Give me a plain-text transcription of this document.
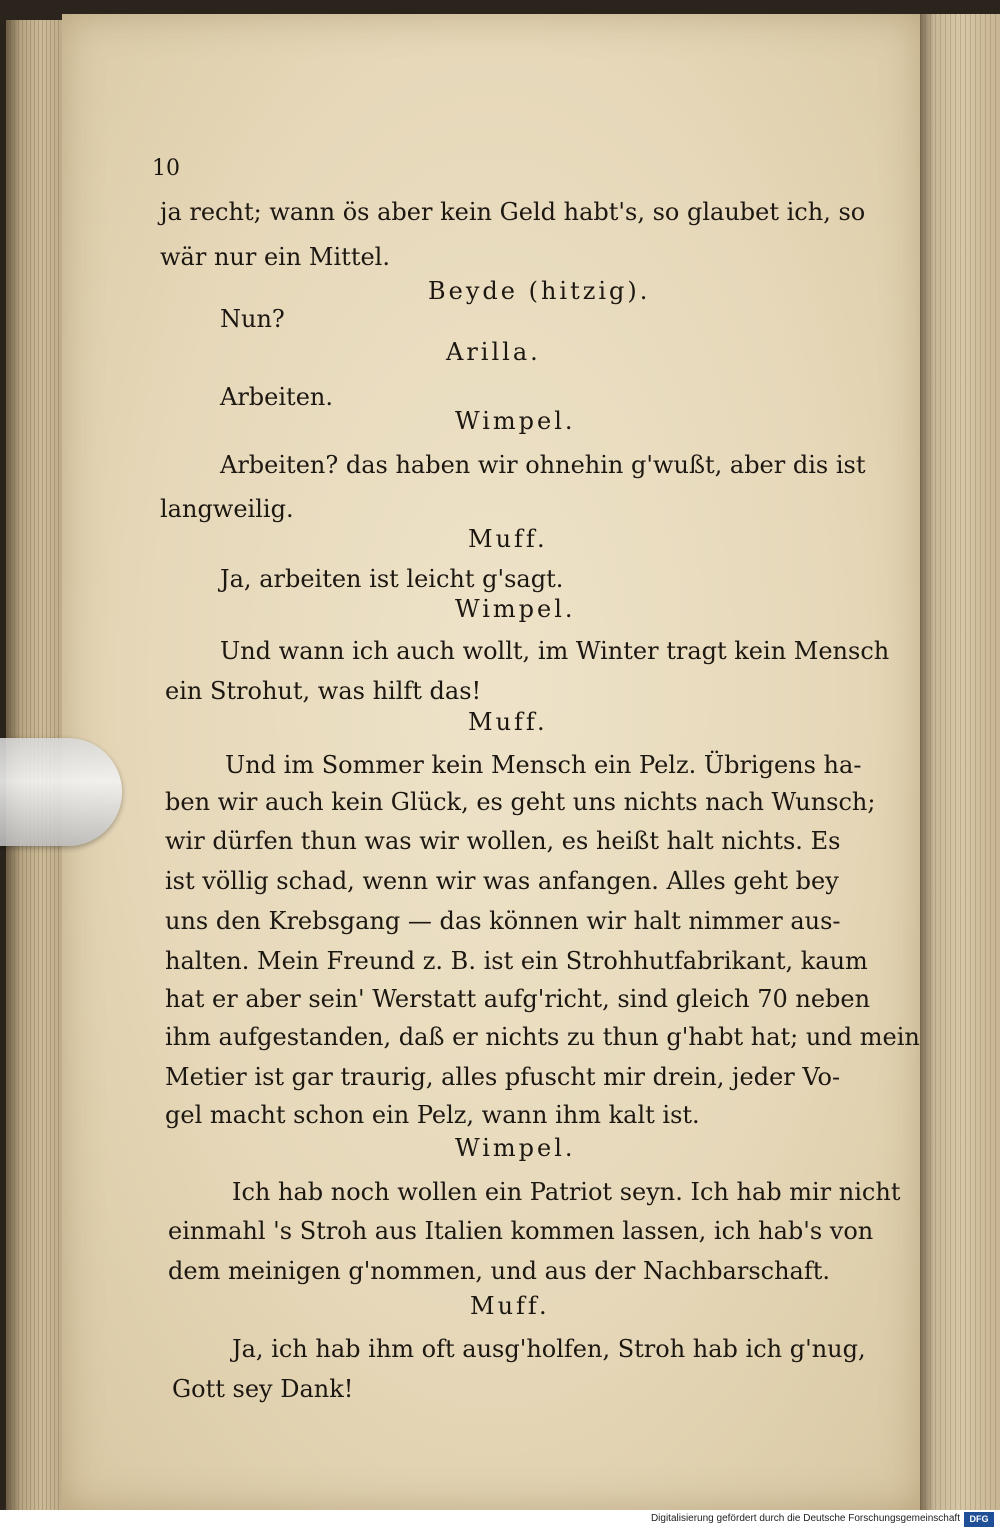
10
ja recht; wann ös aber kein Geld habt's, so glaubet ich, so
wär nur ein Mittel.
Beyde (hitzig).
Nun?
Arilla.
Arbeiten.
Wimpel.
Arbeiten? das haben wir ohnehin g'wußt, aber dis ist
langweilig.
Muff.
Ja, arbeiten ist leicht g'sagt.
Wimpel.
Und wann ich auch wollt, im Winter tragt kein Mensch
ein Strohut, was hilft das!
Muff.
Und im Sommer kein Mensch ein Pelz. Übrigens ha-
ben wir auch kein Glück, es geht uns nichts nach Wunsch;
wir dürfen thun was wir wollen, es heißt halt nichts. Es
ist völlig schad, wenn wir was anfangen. Alles geht bey
uns den Krebsgang — das können wir halt nimmer aus-
halten. Mein Freund z. B. ist ein Strohhutfabrikant, kaum
hat er aber sein' Werstatt aufg'richt, sind gleich 70 neben
ihm aufgestanden, daß er nichts zu thun g'habt hat; und mein
Metier ist gar traurig, alles pfuscht mir drein, jeder Vo-
gel macht schon ein Pelz, wann ihm kalt ist.
Wimpel.
Ich hab noch wollen ein Patriot seyn. Ich hab mir nicht
einmahl 's Stroh aus Italien kommen lassen, ich hab's von
dem meinigen g'nommen, und aus der Nachbarschaft.
Muff.
Ja, ich hab ihm oft ausg'holfen, Stroh hab ich g'nug,
Gott sey Dank!
Digitalisierung gefördert durch die Deutsche Forschungsgemeinschaft	DFG
